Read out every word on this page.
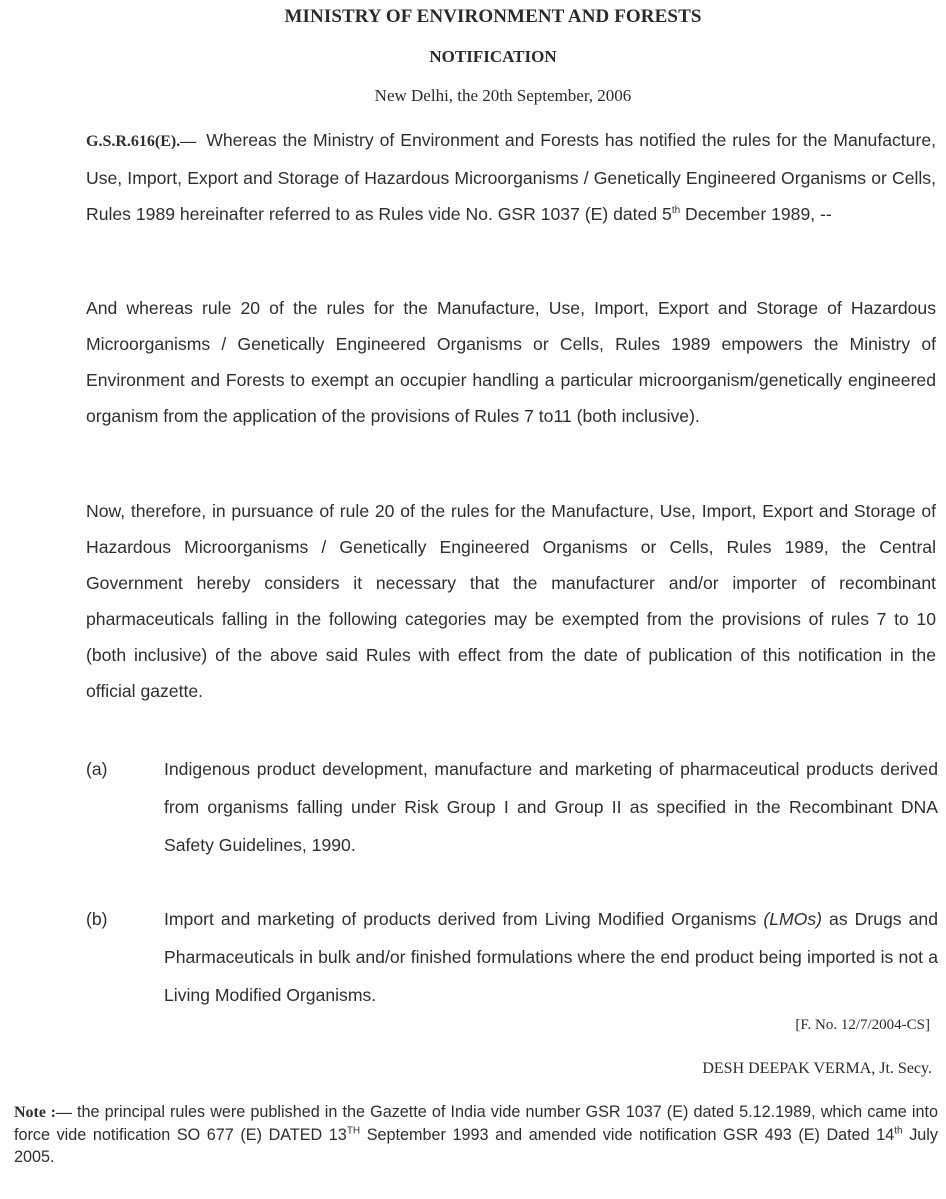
MINISTRY OF ENVIRONMENT AND FORESTS
NOTIFICATION
New Delhi, the 20th September, 2006
G.S.R.616(E).— Whereas the Ministry of Environment and Forests has notified the rules for the Manufacture, Use, Import, Export and Storage of Hazardous Microorganisms / Genetically Engineered Organisms or Cells, Rules 1989 hereinafter referred to as Rules vide No. GSR 1037 (E) dated 5th December 1989, --
And whereas rule 20 of the rules for the Manufacture, Use, Import, Export and Storage of Hazardous Microorganisms / Genetically Engineered Organisms or Cells, Rules 1989 empowers the Ministry of Environment and Forests to exempt an occupier handling a particular microorganism/genetically engineered organism from the application of the provisions of Rules 7 to11 (both inclusive).
Now, therefore, in pursuance of rule 20 of the rules for the Manufacture, Use, Import, Export and Storage of Hazardous Microorganisms / Genetically Engineered Organisms or Cells, Rules 1989, the Central Government hereby considers it necessary that the manufacturer and/or importer of recombinant pharmaceuticals falling in the following categories may be exempted from the provisions of rules 7 to 10 (both inclusive) of the above said Rules with effect from the date of publication of this notification in the official gazette.
(a)	Indigenous product development, manufacture and marketing of pharmaceutical products derived from organisms falling under Risk Group I and Group II as specified in the Recombinant DNA Safety Guidelines, 1990.
(b)	Import and marketing of products derived from Living Modified Organisms (LMOs) as Drugs and Pharmaceuticals in bulk and/or finished formulations where the end product being imported is not a Living Modified Organisms.
[F. No. 12/7/2004-CS]
DESH DEEPAK VERMA, Jt. Secy.
Note :— the principal rules were published in the Gazette of India vide number GSR 1037 (E) dated 5.12.1989, which came into force vide notification SO 677 (E) DATED 13TH September 1993 and amended vide notification GSR 493 (E) Dated 14th July 2005.
